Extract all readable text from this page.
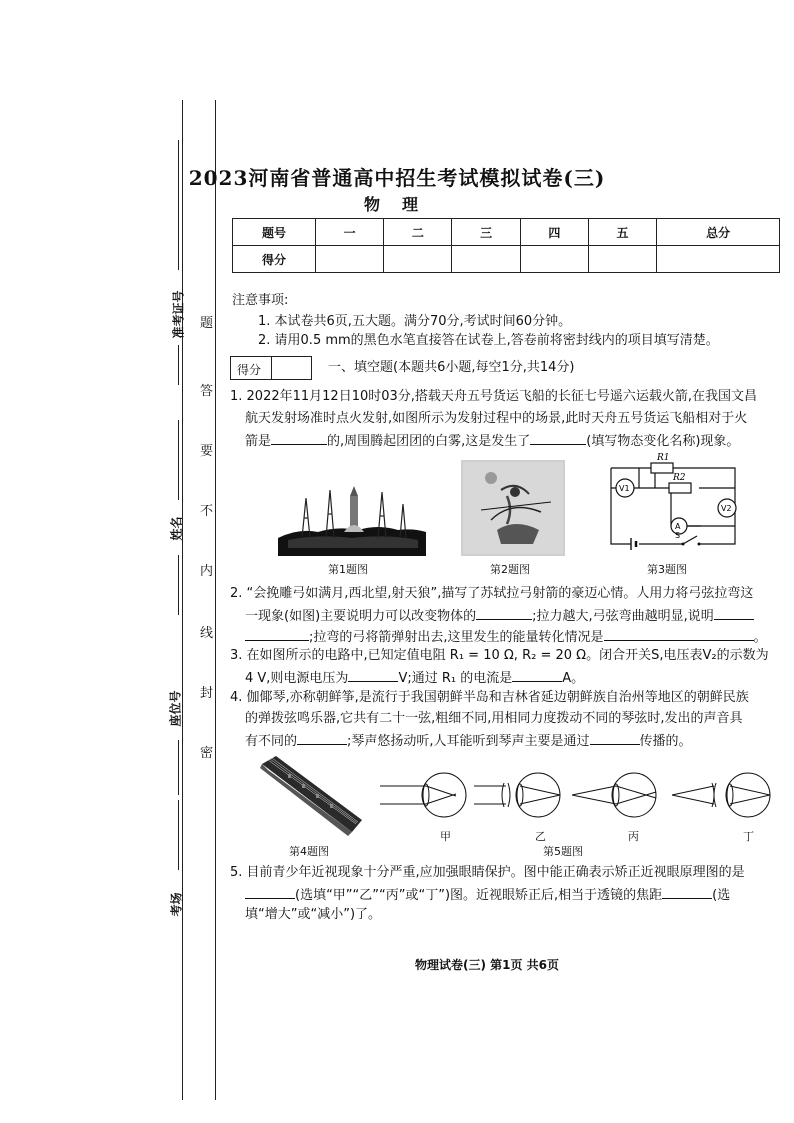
准考证号
姓名
座位号
考场
题
答
要
不
内
线
封
密
2023河南省普通高中招生考试模拟试卷(三)
物理
题号	一	二	三	四	五	总分
得分						
注意事项:
1. 本试卷共6页,五大题。满分70分,考试时间60分钟。
2. 请用0.5 mm的黑色水笔直接答在试卷上,答卷前将密封线内的项目填写清楚。
得分	一、填空题(本题共6小题,每空1分,共14分)
1. 2022年11月12日10时03分,搭载天舟五号货运飞船的长征七号遥六运载火箭,在我国文昌
航天发射场准时点火发射,如图所示为发射过程中的场景,此时天舟五号货运飞船相对于火
箭是	的,周围腾起团团的白雾,这是发生了	(填写物态变化名称)现象。
第1题图	第2题图
R1
R2
V1
V2
A
S
第3题图
2. “会挽雕弓如满月,西北望,射天狼”,描写了苏轼拉弓射箭的豪迈心情。人用力将弓弦拉弯这
一现象(如图)主要说明力可以改变物体的	;拉力越大,弓弦弯曲越明显,说明
;拉弯的弓将箭弹射出去,这里发生的能量转化情况是	。
3. 在如图所示的电路中,已知定值电阻 R₁ = 10 Ω, R₂ = 20 Ω。闭合开关S,电压表V₂的示数为
4 V,则电源电压为	V;通过 R₁ 的电流是	A。
4. 伽倻琴,亦称朝鲜筝,是流行于我国朝鲜半岛和吉林省延边朝鲜族自治州等地区的朝鲜民族
的弹拨弦鸣乐器,它共有二十一弦,粗细不同,用相同力度拨动不同的琴弦时,发出的声音具
有不同的	;琴声悠扬动听,人耳能听到琴声主要是通过	传播的。
第4题图
甲	乙	丙	丁
第5题图
5. 目前青少年近视现象十分严重,应加强眼睛保护。图中能正确表示矫正近视眼原理图的是
(选填“甲”“乙”“丙”或“丁”)图。近视眼矫正后,相当于透镜的焦距	(选
填“增大”或“减小”)了。
物理试卷(三) 第1页 共6页
